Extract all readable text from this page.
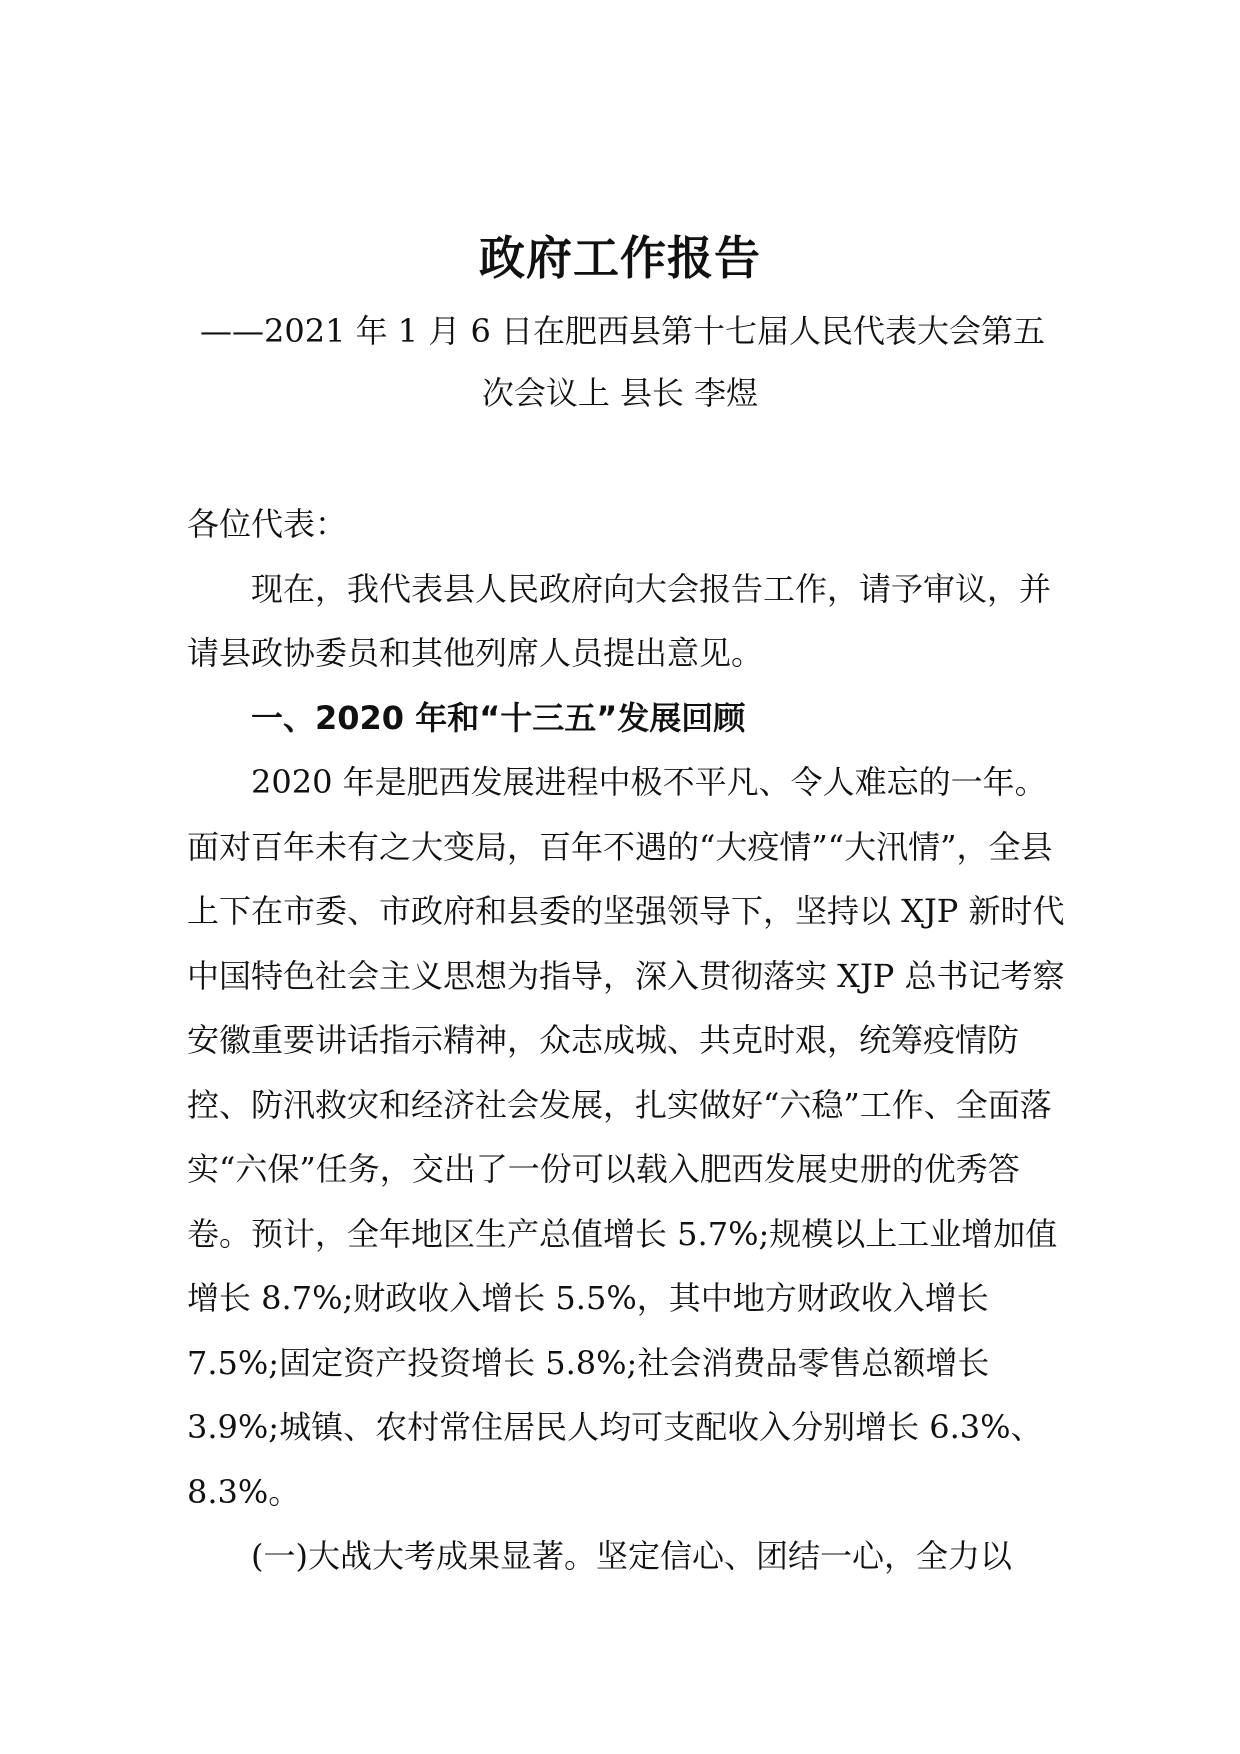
政府工作报告
——2021 年 1 月 6 日在肥西县第十七届人民代表大会第五
次会议上 县长 李煜

各位代表：

现在，我代表县人民政府向大会报告工作，请予审议，并请县政协委员和其他列席人员提出意见。

一、2020 年和“十三五”发展回顾

2020 年是肥西发展进程中极不平凡、令人难忘的一年。面对百年未有之大变局，百年不遇的“大疫情”“大汛情”，全县上下在市委、市政府和县委的坚强领导下，坚持以 XJP 新时代中国特色社会主义思想为指导，深入贯彻落实 XJP 总书记考察安徽重要讲话指示精神，众志成城、共克时艰，统筹疫情防控、防汛救灾和经济社会发展，扎实做好“六稳”工作、全面落实“六保”任务，交出了一份可以载入肥西发展史册的优秀答卷。预计，全年地区生产总值增长 5.7%;规模以上工业增加值增长 8.7%;财政收入增长 5.5%，其中地方财政收入增长 7.5%;固定资产投资增长 5.8%;社会消费品零售总额增长 3.9%;城镇、农村常住居民人均可支配收入分别增长 6.3%、8.3%。

(一)大战大考成果显著。坚定信心、团结一心，全力以
